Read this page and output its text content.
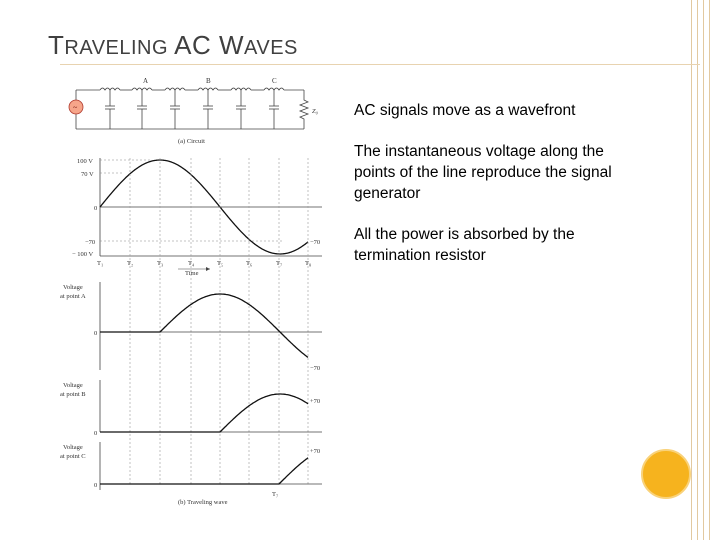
TRAVELING AC WAVES
AC signals move as a wavefront
The instantaneous voltage along the points of the line reproduce the signal generator
All the power is absorbed by the termination resistor
~
A	B	C
Z₀
(a) Circuit
100 V
70 V
0
−70
− 100 V
−70
T₁	T₂	T₃	T₄	T₅	T₆	T₇	T₈
Time
Voltage
at point A
0
−70
Voltage
at point B
0
+70
Voltage
at point C
0
+70
T₇
(b) Traveling wave
